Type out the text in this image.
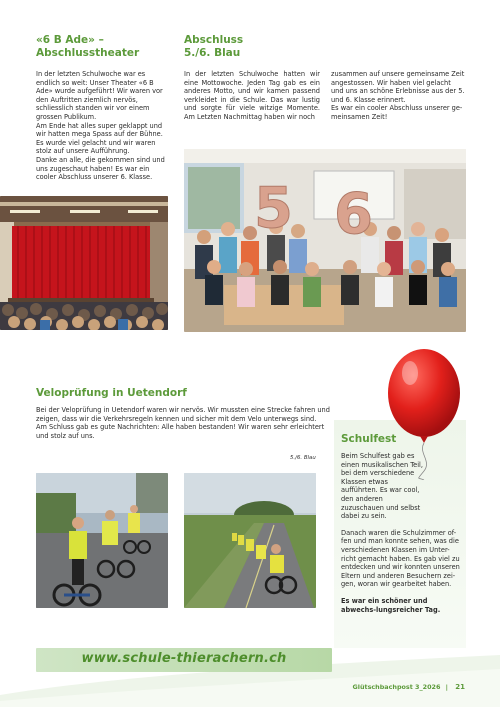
«6 B Ade» –
Abschlusstheater

In der letzten Schulwoche war es endlich so weit: Unser Theater «6 B Ade» wurde aufgeführt! Wir waren vor den Auftritten ziemlich nervös, schliesslich standen wir vor einem grossen Publikum.

Am Ende hat alles super geklappt und wir hatten mega Spass auf der Bühne. Es wurde viel gelacht und wir waren stolz auf unsere Aufführung.

Danke an alle, die gekommen sind und uns zugeschaut haben! Es war ein cooler Abschluss unserer 6. Klasse.

Abschluss
5./6. Blau
In der letzten Schulwoche hatten wir eine Mottowoche. Jeden Tag gab es ein anderes Motto, und wir kamen passend verkleidet in die Schule. Das war lustig und sorgte für viele witzige Momente. Am Letzten Nachmittag haben wir noch

zusammen auf unsere gemeinsame Zeit angestossen. Wir haben viel gelacht und uns an schöne Erlebnisse aus der 5. und 6. Klasse erinnert.

Es war ein cooler Abschluss unserer ge-meinsamen Zeit!

5 6
Veloprüfung in Uetendorf

Bei der Veloprüfung in Uetendorf waren wir nervös. Wir mussten eine Strecke fahren und zeigen, dass wir die Verkehrsregeln kennen und sicher mit dem Velo unterwegs sind.

Am Schluss gab es gute Nachrichten: Alle haben bestanden! Wir waren sehr erleichtert und stolz auf uns.

5./6. Blau
Schulfest

Beim Schulfest gab es einen musikalischen Teil, bei dem verschiedene Klassen etwas aufführten. Es war cool, den anderen zuzuschauen und selbst dabei zu sein.

Danach waren die Schulzimmer of-fen und man konnte sehen, was die verschiedenen Klassen im Unter-richt gemacht haben. Es gab viel zu entdecken und wir konnten unseren Eltern und anderen Besuchern zei-gen, woran wir gearbeitet haben.

Es war ein schöner und abwechs-lungsreicher Tag.

www.schule-thierachern.ch
Glütschbachpost 3_2026 | 21
